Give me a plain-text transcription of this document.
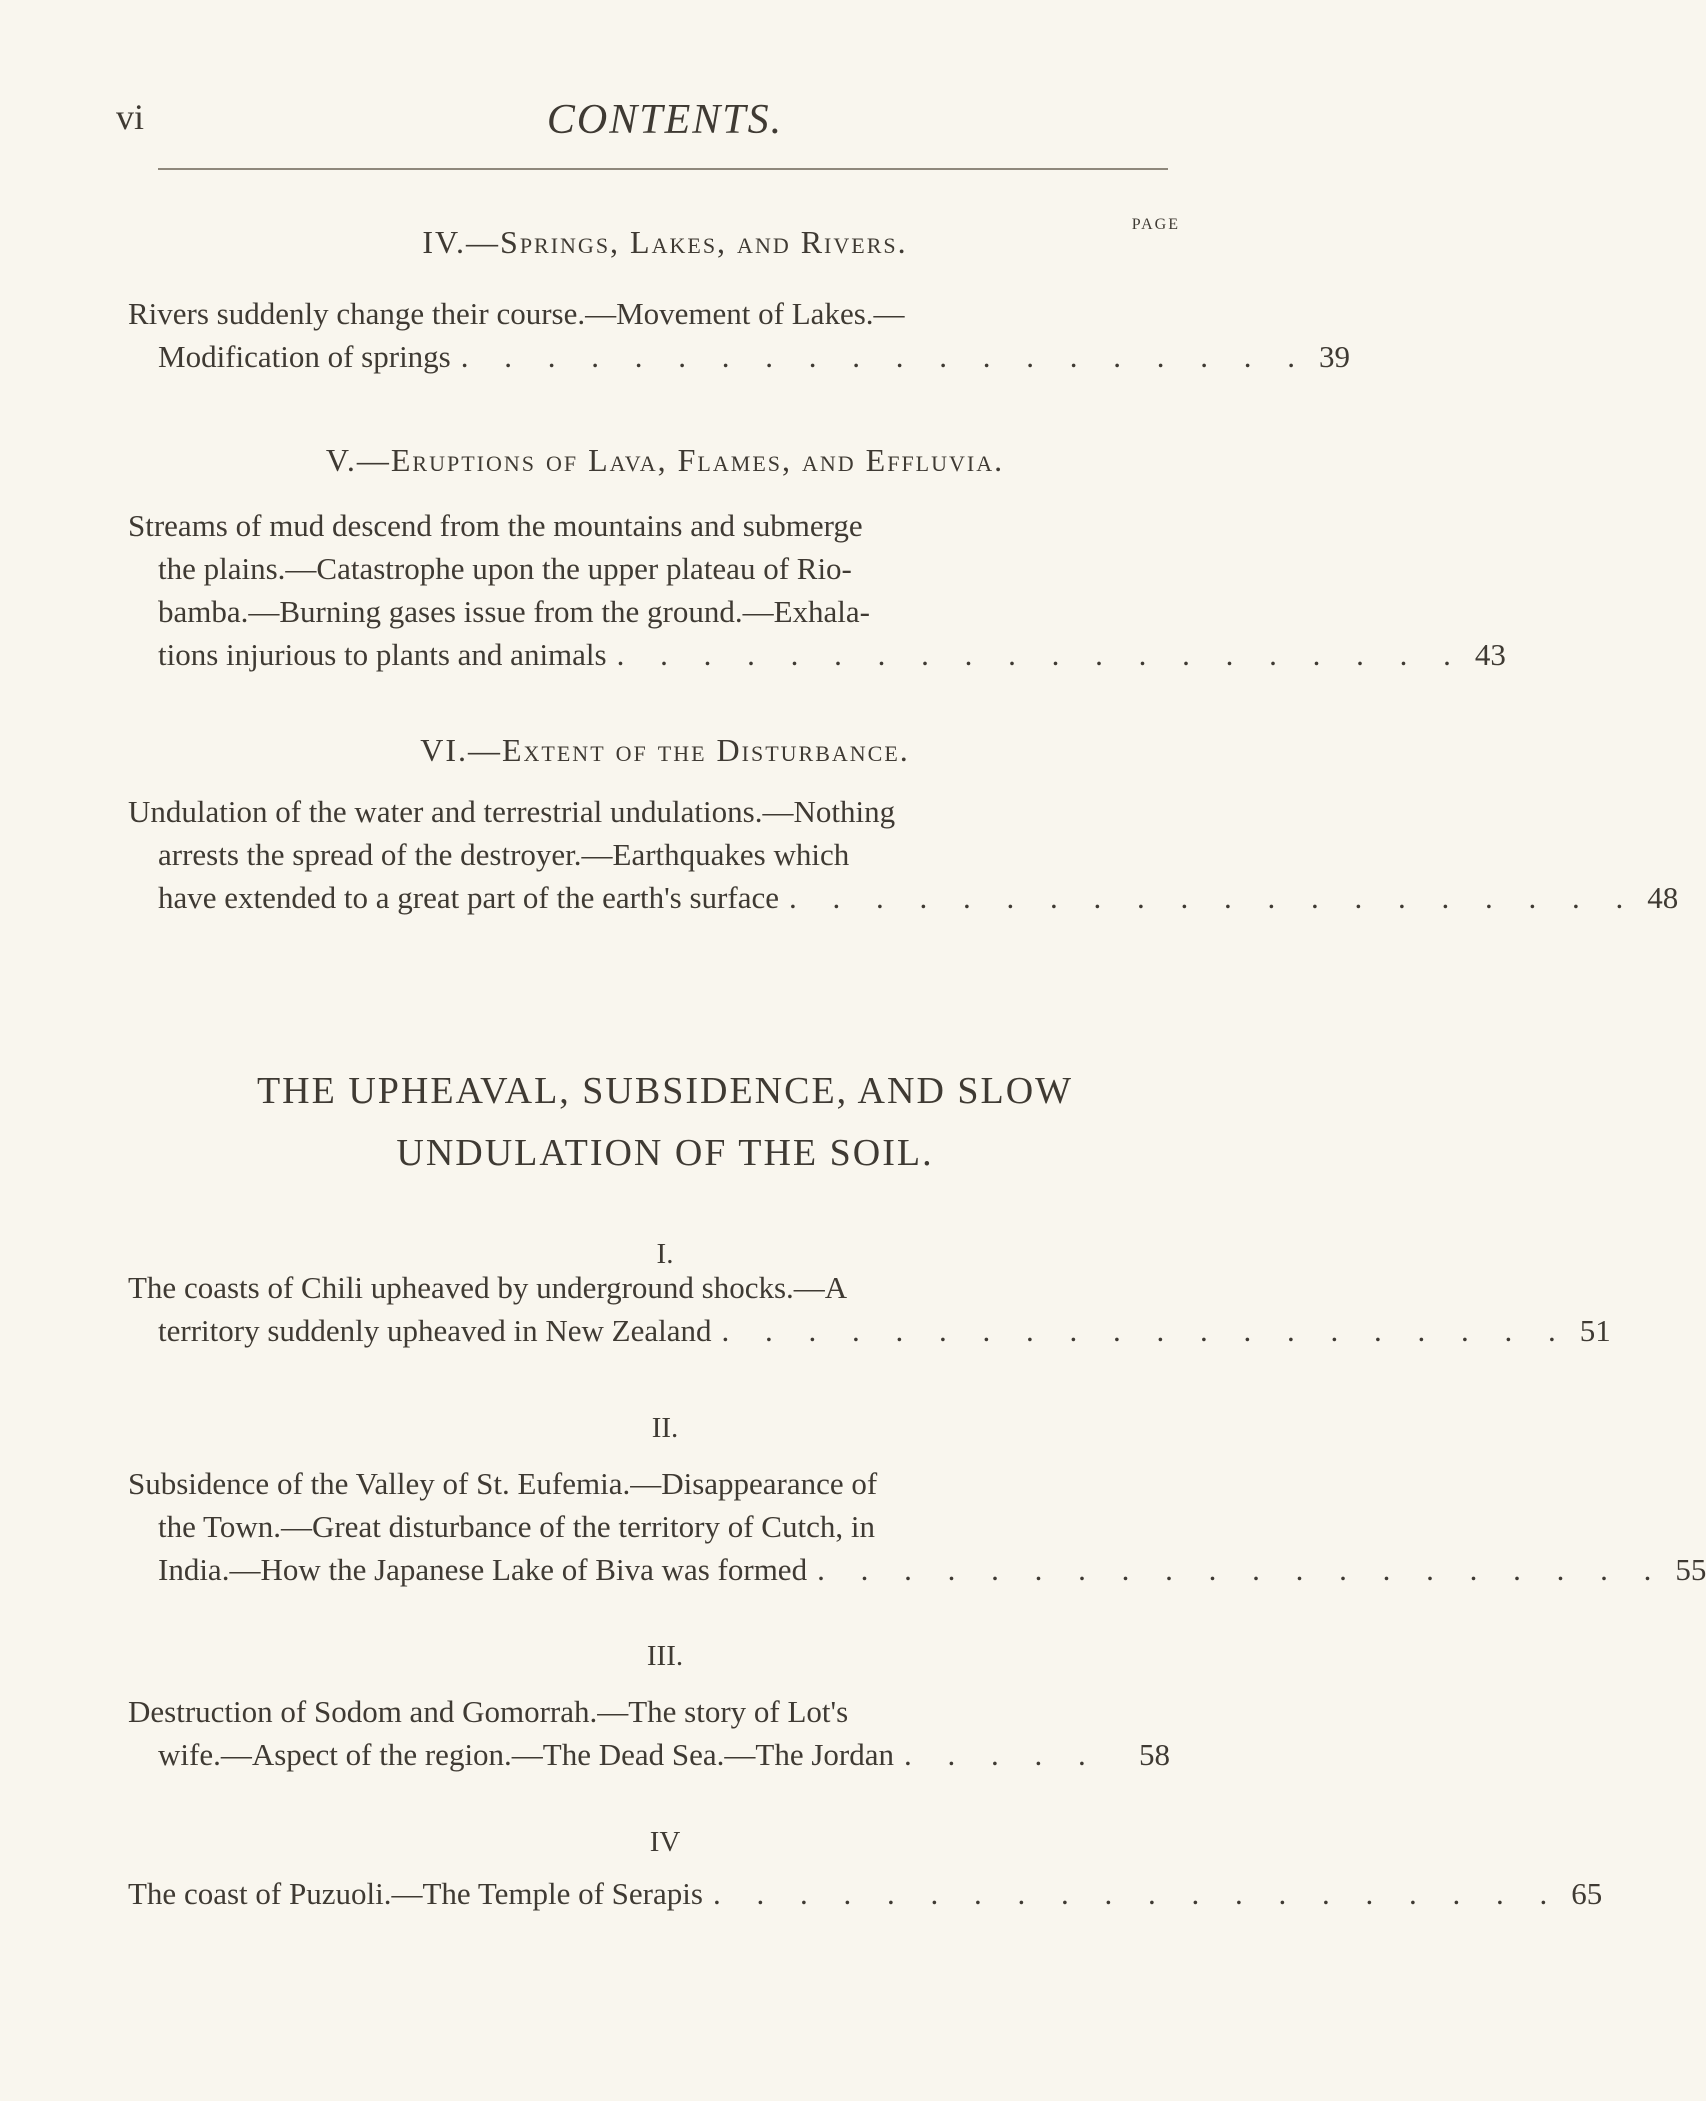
vi	CONTENTS.
PAGE
IV.—Springs, Lakes, and Rivers.
Rivers suddenly change their course.—Movement of Lakes.—
Modification of springs . . . . . . . . . . . . . . . . . . . . 39
V.—Eruptions of Lava, Flames, and Effluvia.
Streams of mud descend from the mountains and submerge
the plains.—Catastrophe upon the upper plateau of Rio-
bamba.—Burning gases issue from the ground.—Exhala-
tions injurious to plants and animals . . . . . . . . . . . . . . . . . . . . 43
VI.—Extent of the Disturbance.
Undulation of the water and terrestrial undulations.—Nothing
arrests the spread of the destroyer.—Earthquakes which
have extended to a great part of the earth's surface . . . . . . . . . . . . . . . . . . . . 48
THE UPHEAVAL, SUBSIDENCE, AND SLOW
UNDULATION OF THE SOIL.
I.
The coasts of Chili upheaved by underground shocks.—A
territory suddenly upheaved in New Zealand . . . . . . . . . . . . . . . . . . . . 51
II.
Subsidence of the Valley of St. Eufemia.—Disappearance of
the Town.—Great disturbance of the territory of Cutch, in
India.—How the Japanese Lake of Biva was formed . . . . . . . . . . . . . . . . . . . . 55
III.
Destruction of Sodom and Gomorrah.—The story of Lot's
wife.—Aspect of the region.—The Dead Sea.—The Jordan . . . . .	58
IV
The coast of Puzuoli.—The Temple of Serapis . . . . . . . . . . . . . . . . . . . . 65
